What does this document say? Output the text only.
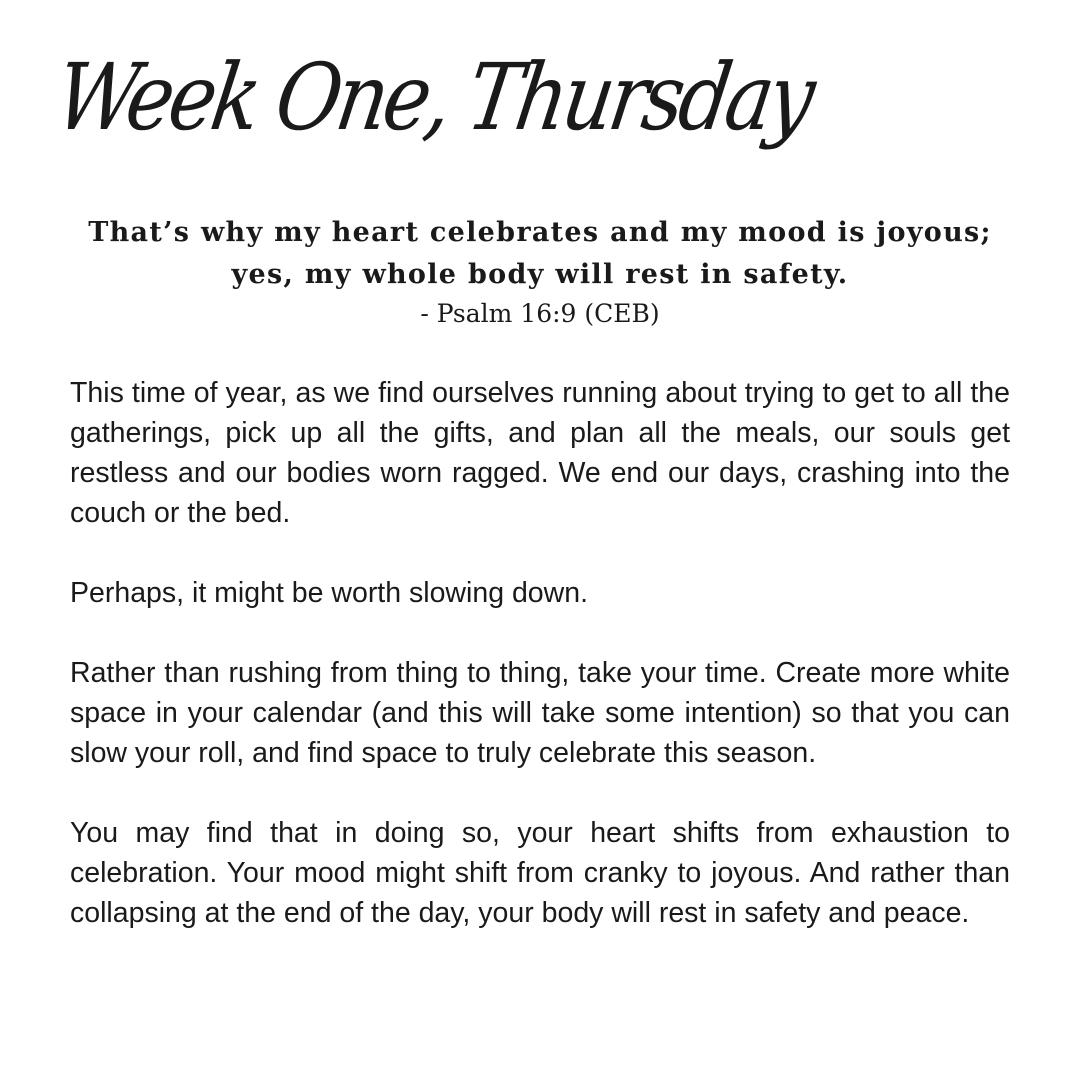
Week One, Thursday

That’s why my heart celebrates and my mood is joyous; yes, my whole body will rest in safety.

- Psalm 16:9 (CEB)

This time of year, as we find ourselves running about trying to get to all the gatherings, pick up all the gifts, and plan all the meals, our souls get restless and our bodies worn ragged. We end our days, crashing into the couch or the bed.

Perhaps, it might be worth slowing down.

Rather than rushing from thing to thing, take your time. Create more white space in your calendar (and this will take some intention) so that you can slow your roll, and find space to truly celebrate this season.

You may find that in doing so, your heart shifts from exhaustion to celebration. Your mood might shift from cranky to joyous. And rather than collapsing at the end of the day, your body will rest in safety and peace.
